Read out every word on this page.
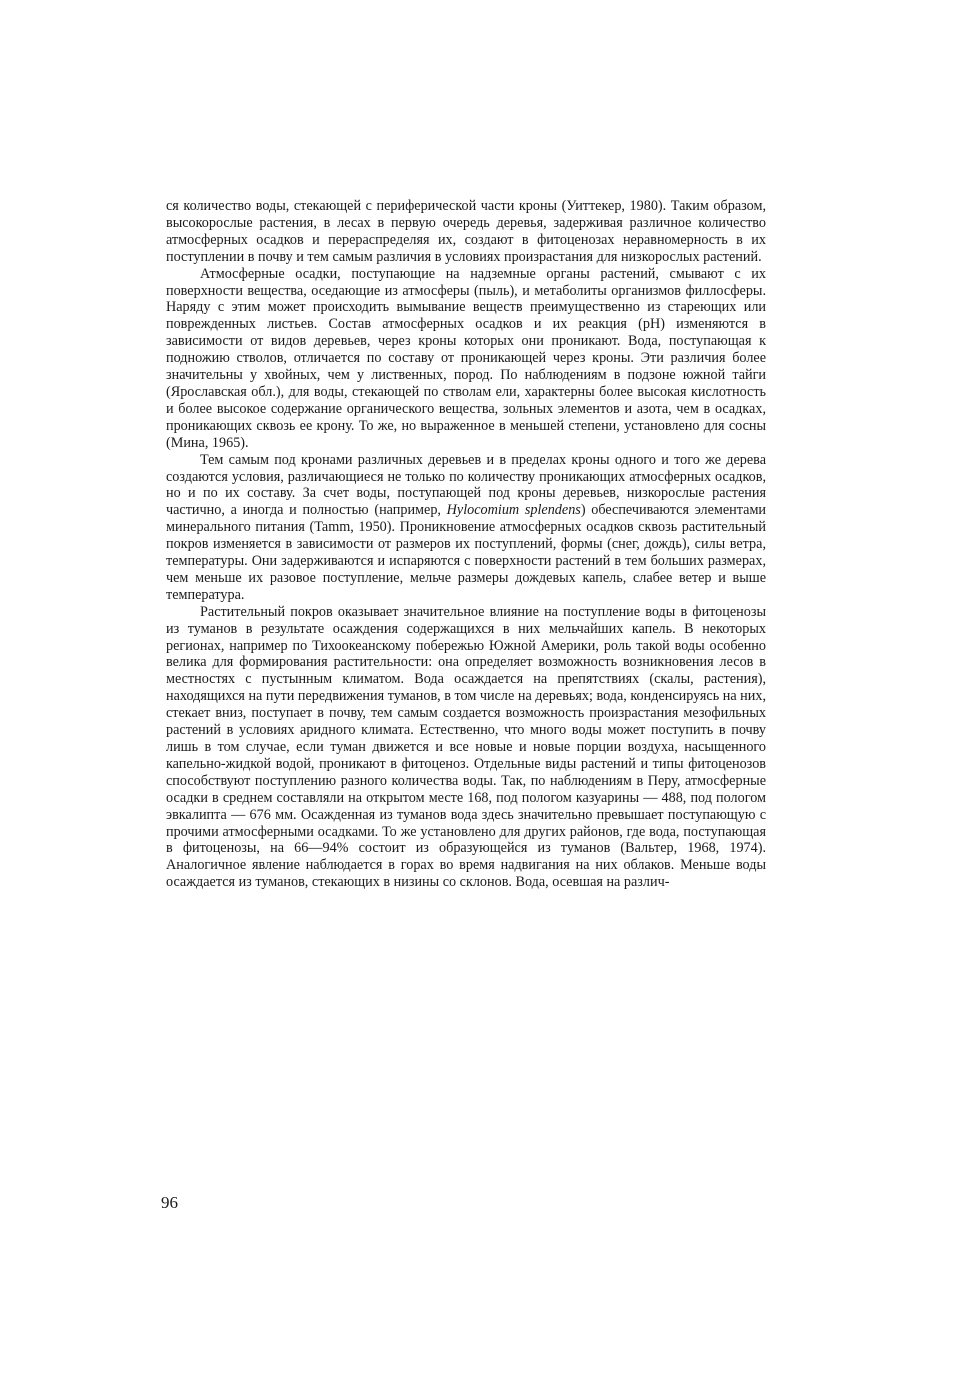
ся количество воды, стекающей с периферической части кроны (Уиттекер, 1980). Таким образом, высокорослые растения, в лесах в первую очередь деревья, задерживая различное количество атмосферных осадков и перераспределяя их, создают в фитоценозах неравномерность в их поступлении в почву и тем самым различия в условиях произрастания для низкорослых растений.

Атмосферные осадки, поступающие на надземные органы растений, смывают с их поверхности вещества, оседающие из атмосферы (пыль), и метаболиты организмов филлосферы. Наряду с этим может происходить вымывание веществ преимущественно из стареющих или поврежденных листьев. Состав атмосферных осадков и их реакция (pH) изменяются в зависимости от видов деревьев, через кроны которых они проникают. Вода, поступающая к подножию стволов, отличается по составу от проникающей через кроны. Эти различия более значительны у хвойных, чем у лиственных, пород. По наблюдениям в подзоне южной тайги (Ярославская обл.), для воды, стекающей по стволам ели, характерны более высокая кислотность и более высокое содержание органического вещества, зольных элементов и азота, чем в осадках, проникающих сквозь ее крону. То же, но выраженное в меньшей степени, установлено для сосны (Мина, 1965).

Тем самым под кронами различных деревьев и в пределах кроны одного и того же дерева создаются условия, различающиеся не только по количеству проникающих атмосферных осадков, но и по их составу. За счет воды, поступающей под кроны деревьев, низкорослые растения частично, а иногда и полностью (например, Hylocomium splendens) обеспечиваются элементами минерального питания (Tamm, 1950). Проникновение атмосферных осадков сквозь растительный покров изменяется в зависимости от размеров их поступлений, формы (снег, дождь), силы ветра, температуры. Они задерживаются и испаряются с поверхности растений в тем больших размерах, чем меньше их разовое поступление, мельче размеры дождевых капель, слабее ветер и выше температура.

Растительный покров оказывает значительное влияние на поступление воды в фитоценозы из туманов в результате осаждения содержащихся в них мельчайших капель. В некоторых регионах, например по Тихоокеанскому побережью Южной Америки, роль такой воды особенно велика для формирования растительности: она определяет возможность возникновения лесов в местностях с пустынным климатом. Вода осаждается на препятствиях (скалы, растения), находящихся на пути передвижения туманов, в том числе на деревьях; вода, конденсируясь на них, стекает вниз, поступает в почву, тем самым создается возможность произрастания мезофильных растений в условиях аридного климата. Естественно, что много воды может поступить в почву лишь в том случае, если туман движется и все новые и новые порции воздуха, насыщенного капельно-жидкой водой, проникают в фитоценоз. Отдельные виды растений и типы фитоценозов способствуют поступлению разного количества воды. Так, по наблюдениям в Перу, атмосферные осадки в среднем составляли на открытом месте 168, под пологом казуарины — 488, под пологом эвкалипта — 676 мм. Осажденная из туманов вода здесь значительно превышает поступающую с прочими атмосферными осадками. То же установлено для других районов, где вода, поступающая в фитоценозы, на 66—94% состоит из образующейся из туманов (Вальтер, 1968, 1974). Аналогичное явление наблюдается в горах во время надвигания на них облаков. Меньше воды осаждается из туманов, стекающих в низины со склонов. Вода, осевшая на различ-

96
